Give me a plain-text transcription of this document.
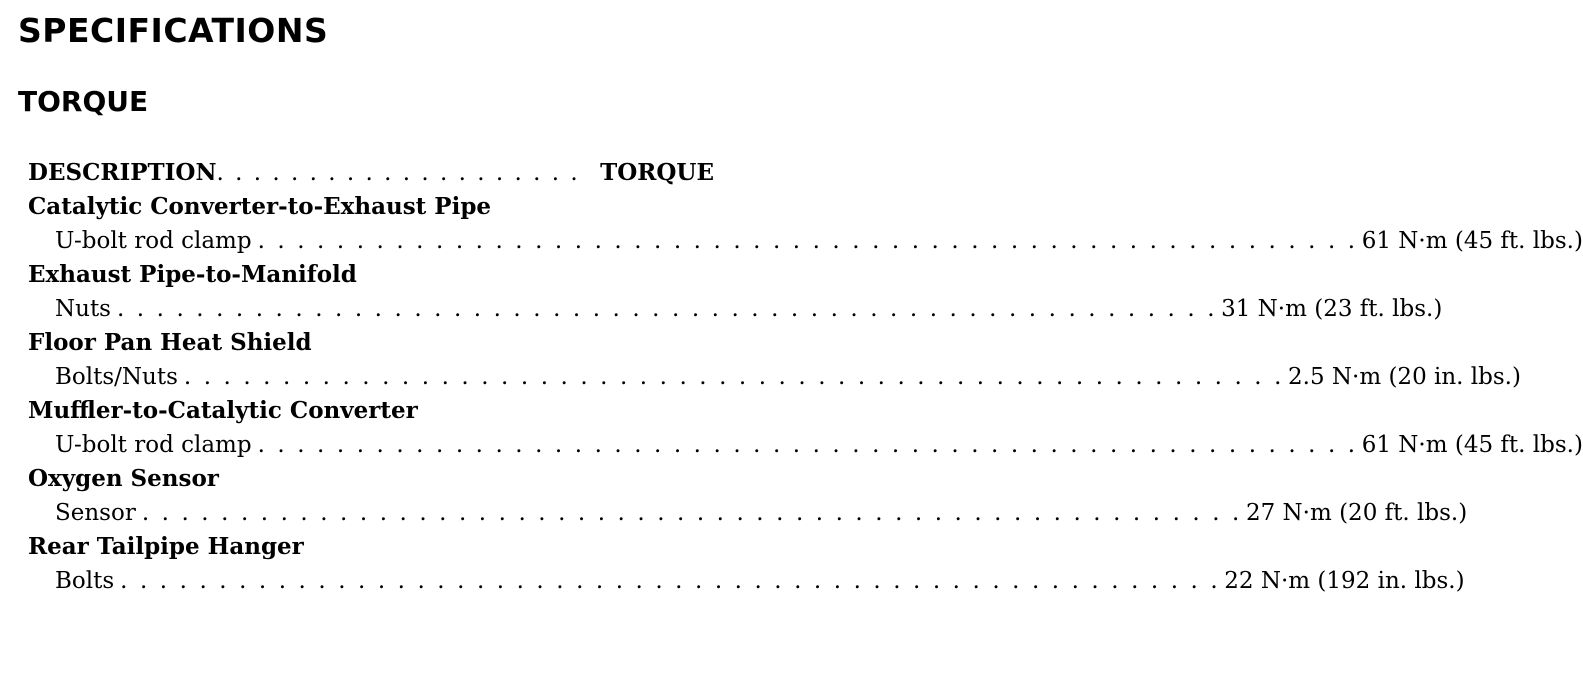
SPECIFICATIONS
TORQUE
DESCRIPTION . . . . . . . . . . . . . . . . . . . . TORQUE
Catalytic Converter-to-Exhaust Pipe
U-bolt rod clamp . . . . . . . . . . . . . . . . . . . . . . . . . . . . . . . . . . . . . . . . . . . . . . . . . . . . . . . . 61 N·m (45 ft. lbs.)
Exhaust Pipe-to-Manifold
Nuts . . . . . . . . . . . . . . . . . . . . . . . . . . . . . . . . . . . . . . . . . . . . . . . . . . . . . . . . 31 N·m (23 ft. lbs.)
Floor Pan Heat Shield
Bolts/Nuts . . . . . . . . . . . . . . . . . . . . . . . . . . . . . . . . . . . . . . . . . . . . . . . . . . . . . . . . 2.5 N·m (20 in. lbs.)
Muffler-to-Catalytic Converter
U-bolt rod clamp . . . . . . . . . . . . . . . . . . . . . . . . . . . . . . . . . . . . . . . . . . . . . . . . . . . . . . . . 61 N·m (45 ft. lbs.)
Oxygen Sensor
Sensor . . . . . . . . . . . . . . . . . . . . . . . . . . . . . . . . . . . . . . . . . . . . . . . . . . . . . . . . 27 N·m (20 ft. lbs.)
Rear Tailpipe Hanger
Bolts . . . . . . . . . . . . . . . . . . . . . . . . . . . . . . . . . . . . . . . . . . . . . . . . . . . . . . . . 22 N·m (192 in. lbs.)
